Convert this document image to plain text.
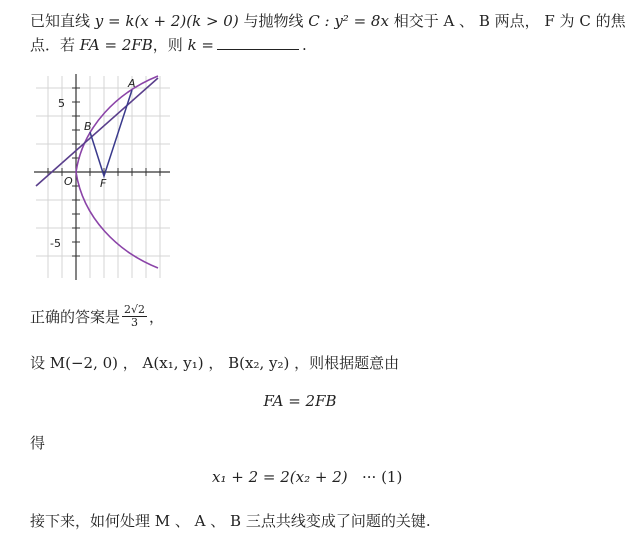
已知直线 y = k(x + 2)(k > 0) 与抛物线 C : y² = 8x 相交于 A 、 B 两点， F 为 C 的焦
点．若 FA = 2FB，则 k =	.
5
-5
A
B
O F
正确的答案是 $\frac{2√2}{3}$ ，
设 M(−2, 0) ， A(x₁, y₁) ， B(x₂, y₂) ，则根据题意由
FA = 2FB
得
x₁ + 2 = 2(x₂ + 2) ··· (1)
接下来，如何处理 M 、 A 、 B 三点共线变成了问题的关键.
